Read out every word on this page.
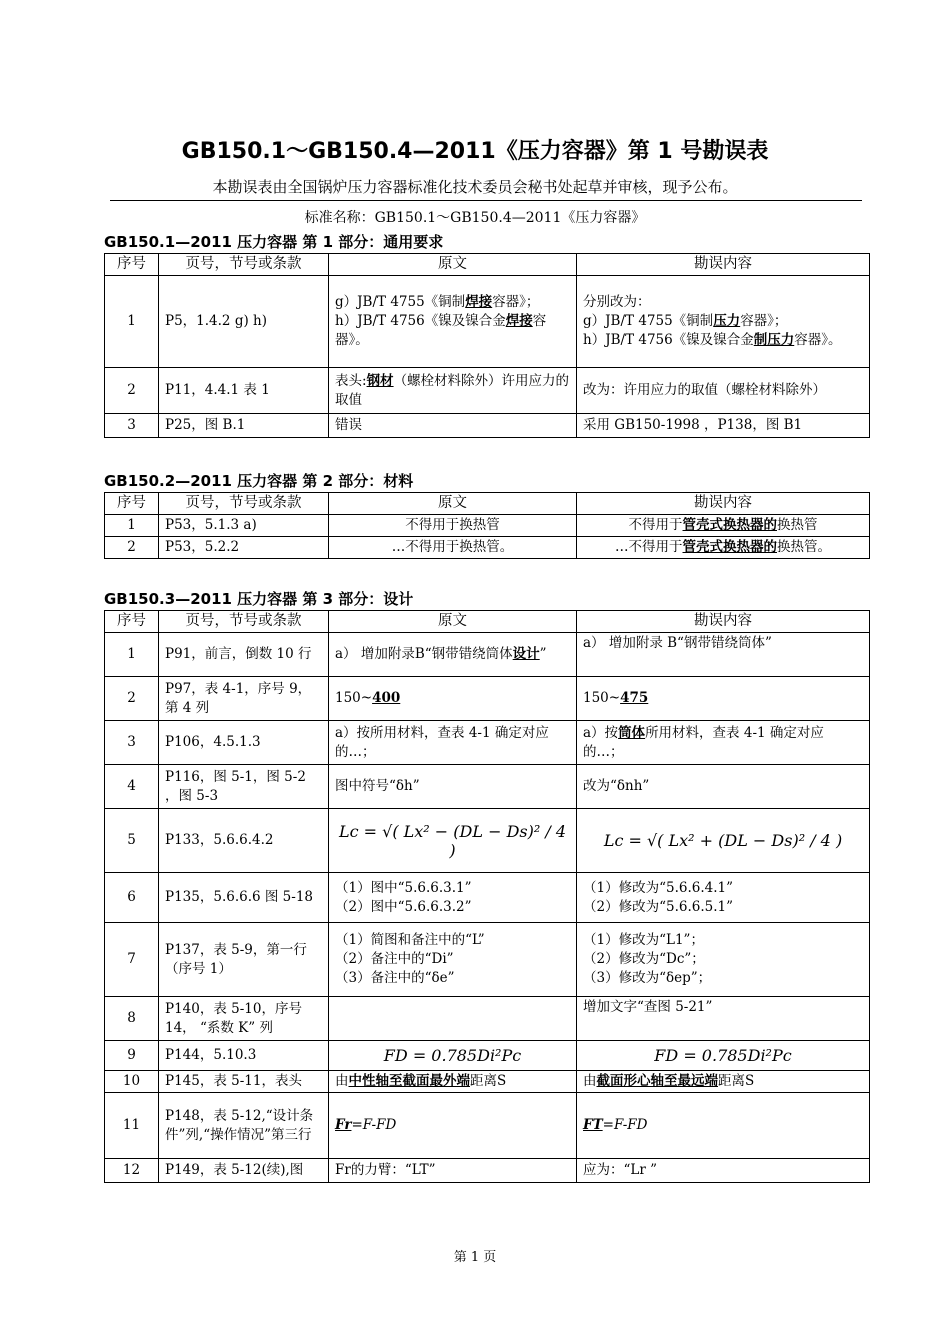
GB150.1～GB150.4—2011《压力容器》第 1 号勘误表
本勘误表由全国锅炉压力容器标准化技术委员会秘书处起草并审核，现予公布。
标准名称：GB150.1～GB150.4—2011《压力容器》
GB150.1—2011 压力容器 第 1 部分：通用要求
序号	页号，节号或条款	原文	勘误内容
1	P5，1.4.2 g) h)	g）JB/T 4755《铜制焊接容器》；
h）JB/T 4756《镍及镍合金焊接容器》。	分别改为：
g）JB/T 4755《铜制压力容器》；
h）JB/T 4756《镍及镍合金制压力容器》。
2	P11，4.4.1 表 1	表头:钢材（螺栓材料除外）许用应力的取值	改为：许用应力的取值（螺栓材料除外）
3	P25，图 B.1	错误	采用 GB150-1998 ，P138，图 B1
GB150.2—2011 压力容器 第 2 部分：材料
序号	页号，节号或条款	原文	勘误内容
1	P53，5.1.3 a)	不得用于换热管	不得用于管壳式换热器的换热管
2	P53，5.2.2	…不得用于换热管。	…不得用于管壳式换热器的换热管。
GB150.3—2011 压力容器 第 3 部分：设计
序号	页号，节号或条款	原文	勘误内容
1	P91，前言，倒数 10 行	a） 增加附录B“钢带错绕筒体设计”	a） 增加附录 B“钢带错绕筒体”
2	P97，表 4-1，序号 9，第 4 列	150~400	150~475
3	P106，4.5.1.3	a）按所用材料，查表 4-1 确定对应的…；	a）按筒体所用材料，查表 4-1 确定对应的…；
4	P116，图 5-1，图 5-2 ，图 5-3	图中符号“δh”	改为“δnh”
5	P133，5.6.6.4.2	Lc = √( Lx² − (DL − Ds)² / 4 )	Lc = √( Lx² + (DL − Ds)² / 4 )
6	P135，5.6.6.6 图 5-18	（1）图中“5.6.6.3.1”
（2）图中“5.6.6.3.2”	（1）修改为“5.6.6.4.1”
（2）修改为“5.6.6.5.1”
7	P137，表 5-9，第一行（序号 1）	（1）简图和备注中的“L”
（2）备注中的“Di”
（3）备注中的“δe”	（1）修改为“L1”；
（2）修改为“Dc”；
（3）修改为“δep”；
8	P140，表 5-10，序号 14， “系数 K” 列		增加文字“查图 5-21”
9	P144，5.10.3	FD = 0.785Di²Pc	FD = 0.785Di²Pc
10	P145，表 5-11，表头	由中性轴至截面最外端距离S	由截面形心轴至最远端距离S
11	P148，表 5-12,“设计条件”列,“操作情况”第三行	Fr=F-FD	FT=F-FD
12	P149，表 5-12(续),图	Fr的力臂：“LT”	应为：“Lr ”
第 1 页
